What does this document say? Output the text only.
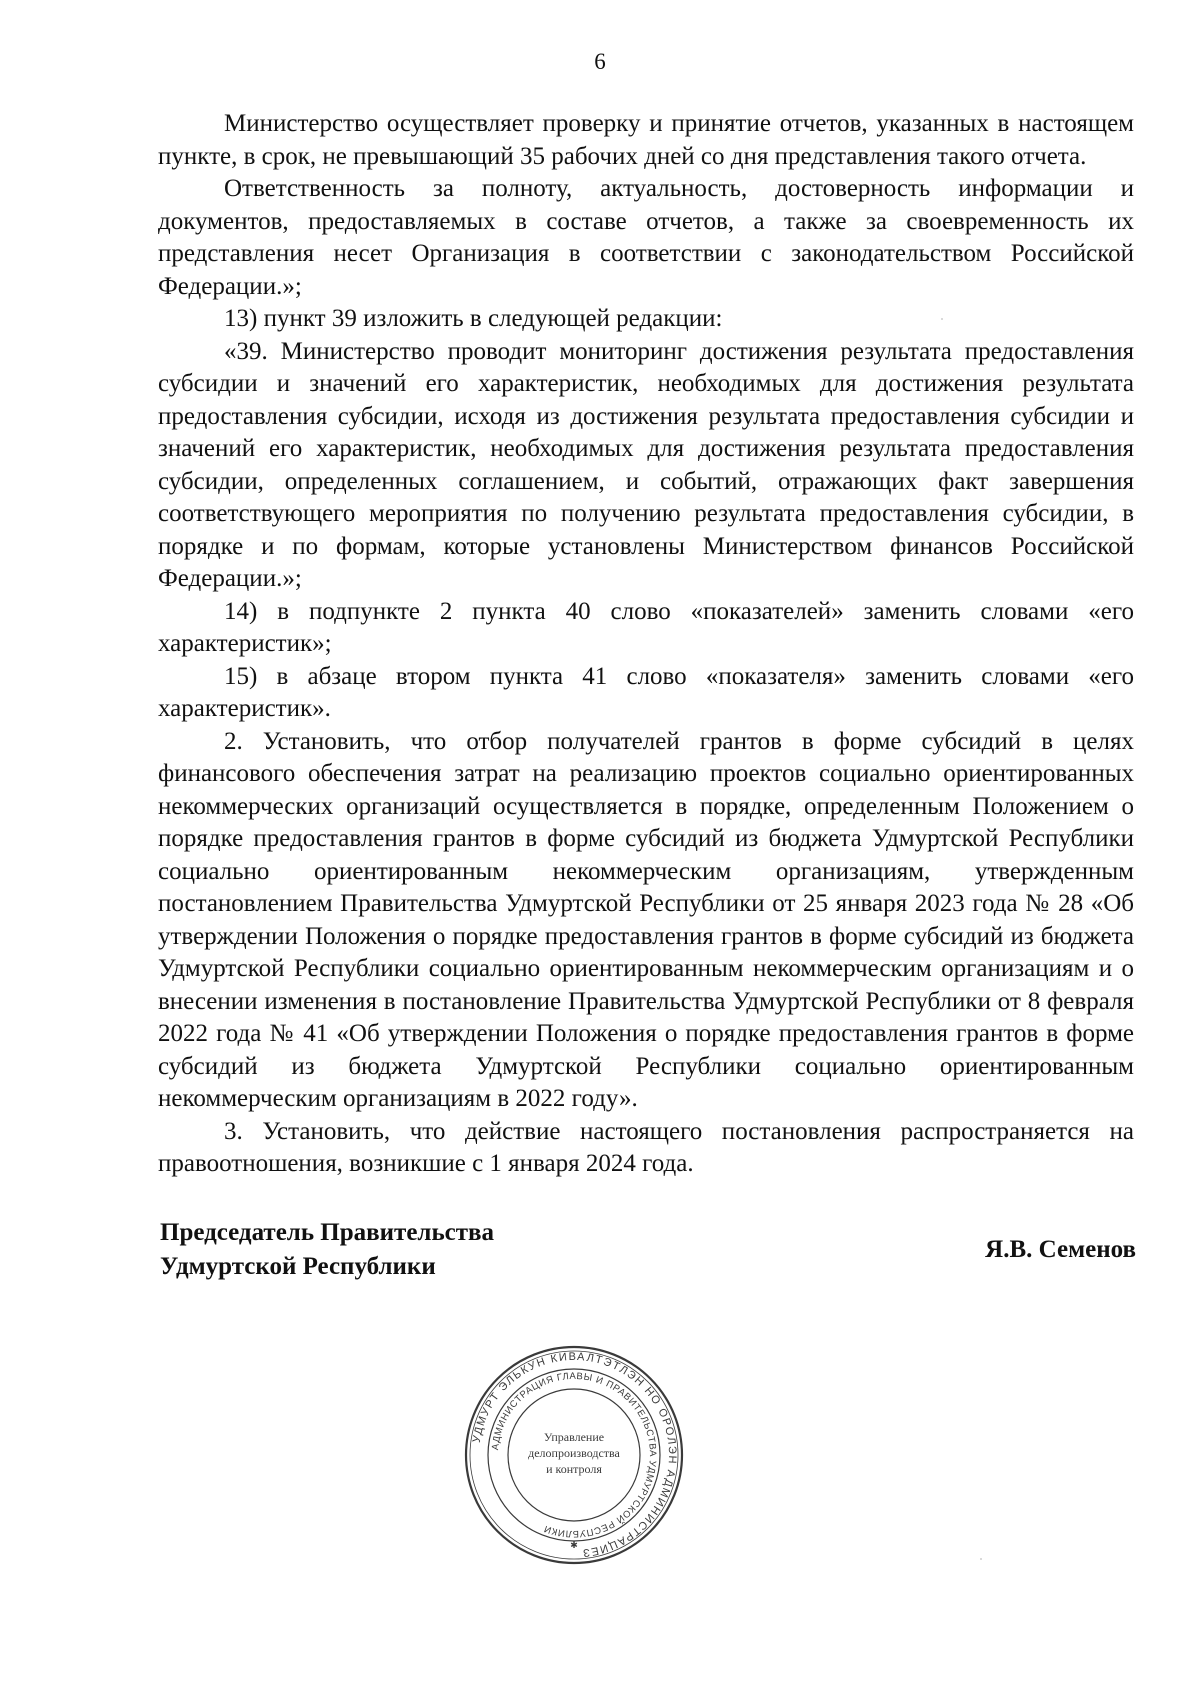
6

Министерство осуществляет проверку и принятие отчетов, указанных в настоящем пункте, в срок, не превышающий 35 рабочих дней со дня представления такого отчета.

Ответственность за полноту, актуальность, достоверность информации и документов, предоставляемых в составе отчетов, а также за своевременность их представления несет Организация в соответствии с законодательством Российской Федерации.»;

13) пункт 39 изложить в следующей редакции:

«39. Министерство проводит мониторинг достижения результата предоставления субсидии и значений его характеристик, необходимых для достижения результата предоставления субсидии, исходя из достижения результата предоставления субсидии и значений его характеристик, необходимых для достижения результата предоставления субсидии, определенных соглашением, и событий, отражающих факт завершения соответствующего мероприятия по получению результата предоставления субсидии, в порядке и по формам, которые установлены Министерством финансов Российской Федерации.»;

14) в подпункте 2 пункта 40 слово «показателей» заменить словами «его характеристик»;

15) в абзаце втором пункта 41 слово «показателя» заменить словами «его характеристик».

2. Установить, что отбор получателей грантов в форме субсидий в целях финансового обеспечения затрат на реализацию проектов социально ориентированных некоммерческих организаций осуществляется в порядке, определенным Положением о порядке предоставления грантов в форме субсидий из бюджета Удмуртской Республики социально ориентированным некоммерческим организациям, утвержденным постановлением Правительства Удмуртской Республики от 25 января 2023 года № 28 «Об утверждении Положения о порядке предоставления грантов в форме субсидий из бюджета Удмуртской Республики социально ориентированным некоммерческим организациям и о внесении изменения в постановление Правительства Удмуртской Республики от 8 февраля 2022 года № 41 «Об утверждении Положения о порядке предоставления грантов в форме субсидий из бюджета Удмуртской Республики социально ориентированным некоммерческим организациям в 2022 году».

3. Установить, что действие настоящего постановления распространяется на правоотношения, возникшие с 1 января 2024 года.

Председатель Правительства
Удмуртской Республики
Я.В. Семенов
УДМУРТ ЭЛЬКУН КИВАЛТЭТЛЭН НО ОРОЛЭН АДМИНИСТРАЦИЕЗ
АДМИНИСТРАЦИЯ ГЛАВЫ И ПРАВИТЕЛЬСТВА УДМУРТСКОЙ РЕСПУБЛИКИ
Управление
делопроизводства
и контроля
✱
